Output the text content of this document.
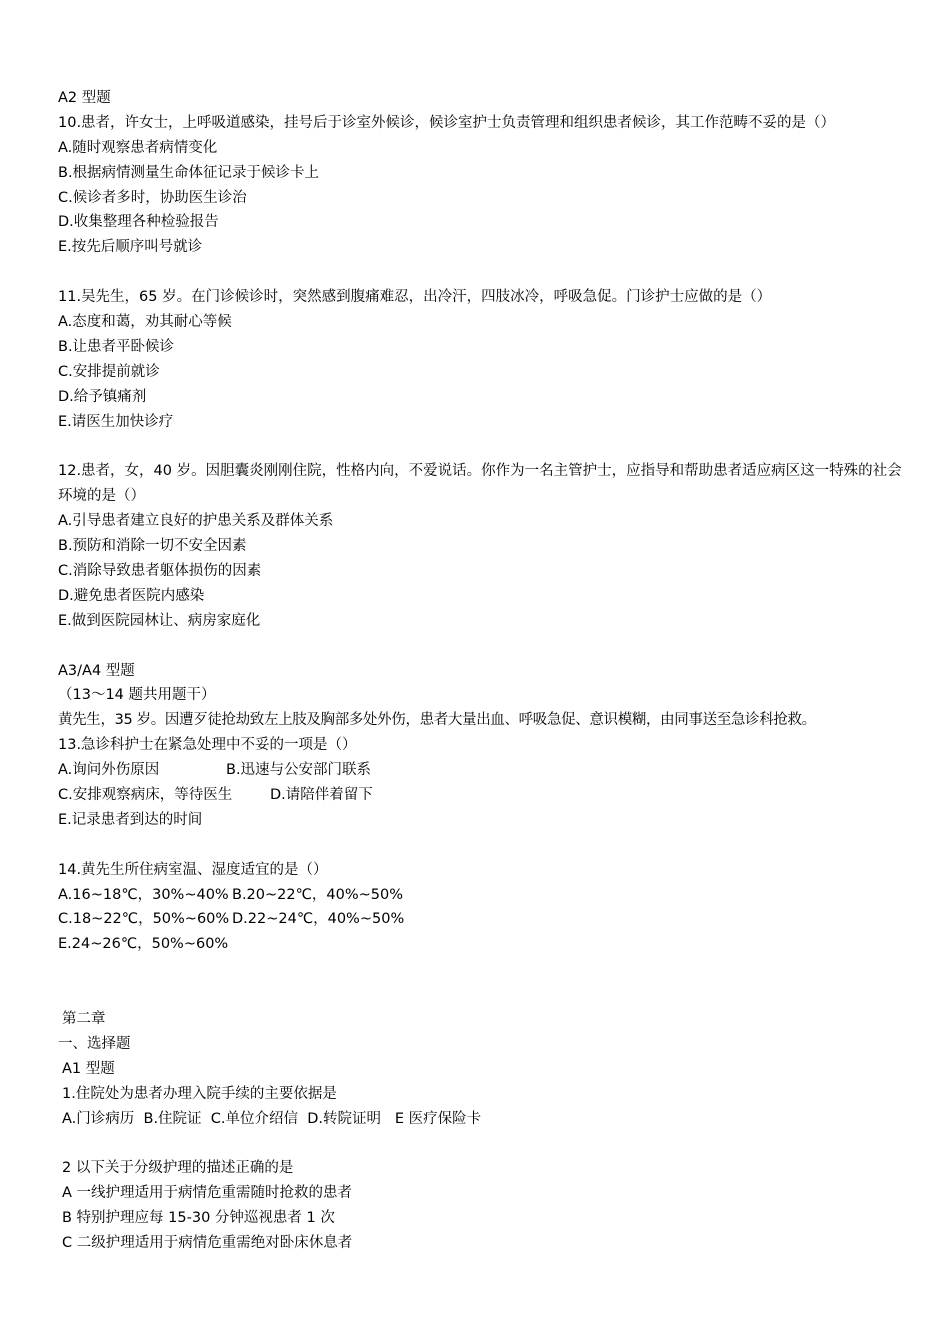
A2 型题
10.患者，许女士，上呼吸道感染，挂号后于诊室外候诊，候诊室护士负责管理和组织患者候诊，其工作范畴不妥的是（）
A.随时观察患者病情变化
B.根据病情测量生命体征记录于候诊卡上
C.候诊者多时，协助医生诊治
D.收集整理各种检验报告
E.按先后顺序叫号就诊
11.吴先生，65 岁。在门诊候诊时，突然感到腹痛难忍，出冷汗，四肢冰冷，呼吸急促。门诊护士应做的是（）
A.态度和蔼，劝其耐心等候
B.让患者平卧候诊
C.安排提前就诊
D.给予镇痛剂
E.请医生加快诊疗
12.患者，女，40 岁。因胆囊炎刚刚住院，性格内向，不爱说话。你作为一名主管护士，应指导和帮助患者适应病区这一特殊的社会环境的是（）
A.引导患者建立良好的护患关系及群体关系
B.预防和消除一切不安全因素
C.消除导致患者躯体损伤的因素
D.避免患者医院内感染
E.做到医院园林让、病房家庭化
A3/A4 型题
（13～14 题共用题干）
黄先生，35 岁。因遭歹徒抢劫致左上肢及胸部多处外伤，患者大量出血、呼吸急促、意识模糊，由同事送至急诊科抢救。
13.急诊科护士在紧急处理中不妥的一项是（）
A.询问外伤原因	B.迅速与公安部门联系
C.安排观察病床，等待医生	D.请陪伴着留下
E.记录患者到达的时间
14.黄先生所住病室温、湿度适宜的是（）
A.16~18℃，30%~40% B.20~22℃，40%~50%
C.18~22℃，50%~60% D.22~24℃，40%~50%
E.24~26℃，50%~60%
第二章
一、选择题
A1 型题
1.住院处为患者办理入院手续的主要依据是
A.门诊病历  B.住院证  C.单位介绍信  D.转院证明   E 医疗保险卡
2 以下关于分级护理的描述正确的是
A 一线护理适用于病情危重需随时抢救的患者
B 特别护理应每 15-30 分钟巡视患者 1 次
C 二级护理适用于病情危重需绝对卧床休息者
